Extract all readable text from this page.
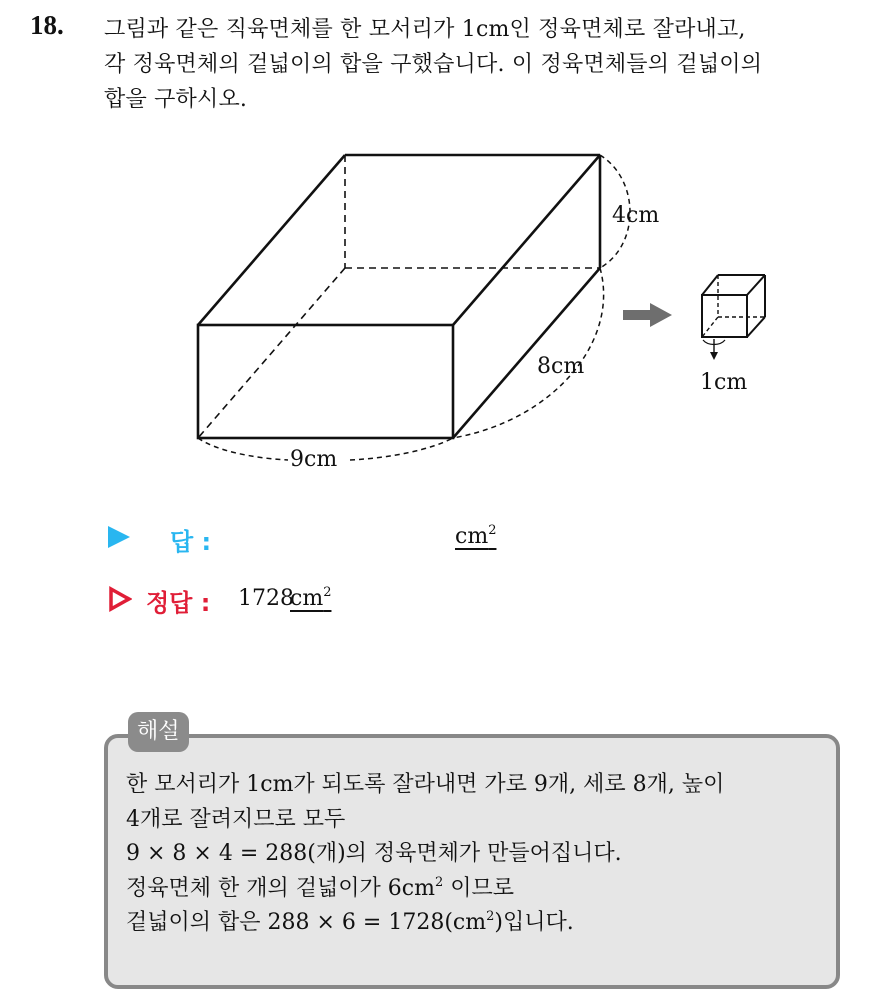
18. 그림과 같은 직육면체를 한 모서리가 1cm인 정육면체로 잘라내고,
각 정육면체의 겉넓이의 합을 구했습니다. 이 정육면체들의 겉넓이의
합을 구하시오.
4cm
8cm
9cm
1cm
답 :	$cm^2$
정답 : 1728
$cm^2$
해설
한 모서리가 1cm가 되도록 잘라내면 가로 9개, 세로 8개, 높이
4개로 잘려지므로 모두
9 × 8 × 4 = 288(개)의 정육면체가 만들어집니다.
정육면체 한 개의 겉넓이가 $6cm^2$ 이므로
겉넓이의 합은 $288 \times 6 = 1728(cm^2)$입니다.
